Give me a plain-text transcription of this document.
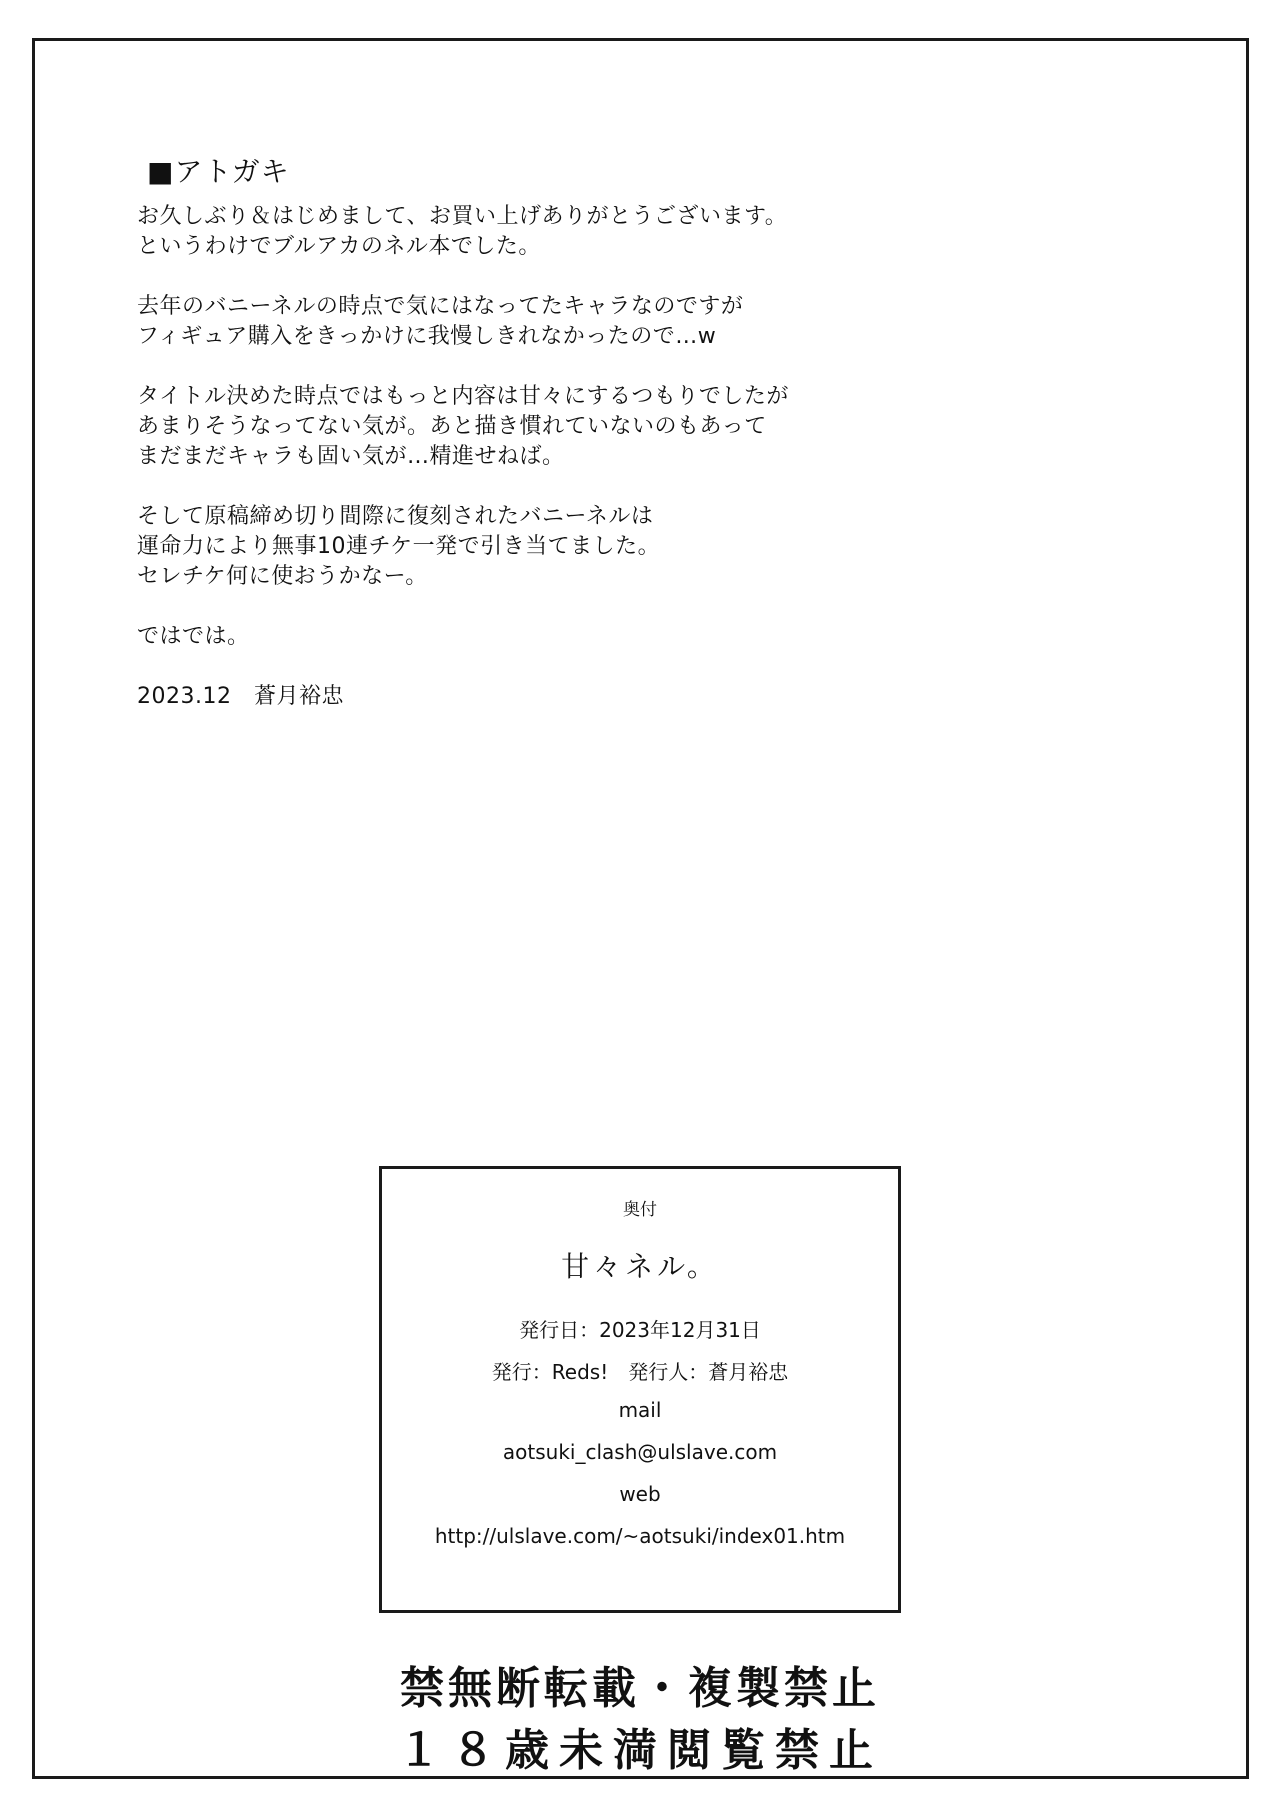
■アトガキ
お久しぶり＆はじめまして、お買い上げありがとうございます。
というわけでブルアカのネル本でした。
去年のバニーネルの時点で気にはなってたキャラなのですが
フィギュア購入をきっかけに我慢しきれなかったので…w
タイトル決めた時点ではもっと内容は甘々にするつもりでしたが
あまりそうなってない気が。あと描き慣れていないのもあって
まだまだキャラも固い気が…精進せねば。
そして原稿締め切り間際に復刻されたバニーネルは
運命力により無事10連チケ一発で引き当てました。
セレチケ何に使おうかなー。
ではでは。
2023.12　蒼月裕忠
奥付
甘々ネル。
発行日：2023年12月31日
発行：Reds!　発行人：蒼月裕忠
mail
aotsuki_clash@ulslave.com
web
http://ulslave.com/~aotsuki/index01.htm
禁無断転載・複製禁止
１８歳未満閲覧禁止
